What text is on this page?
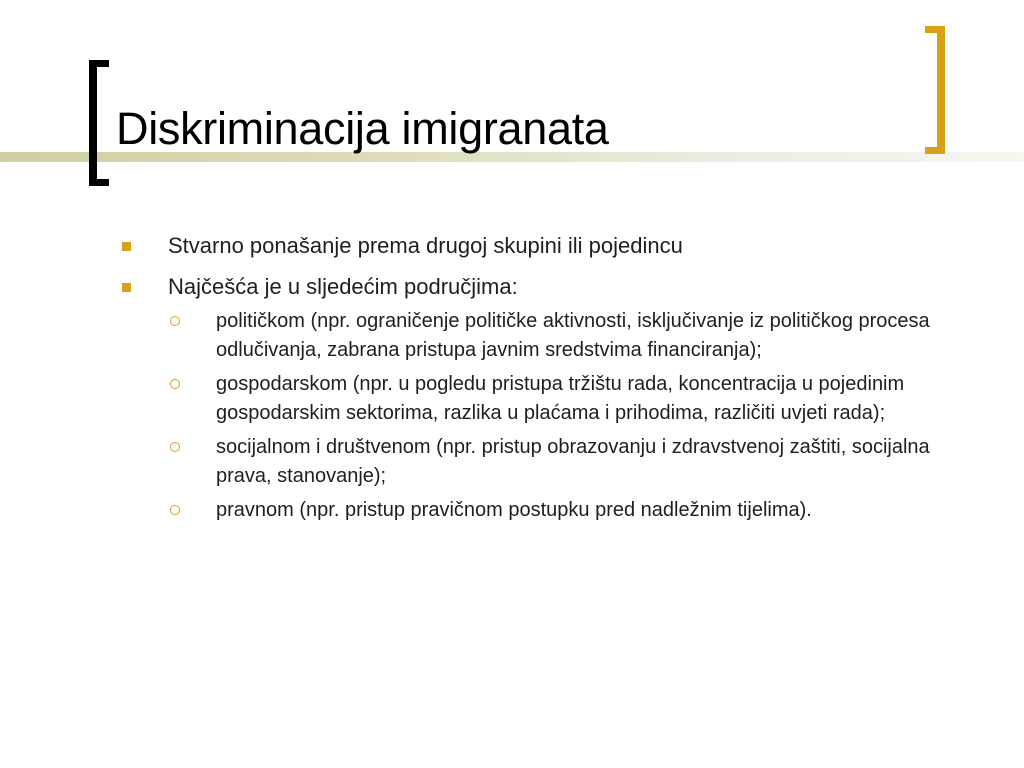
Diskriminacija imigranata
Stvarno ponašanje prema drugoj skupini ili pojedincu
Najčešća je u sljedećim područjima:
političkom (npr. ograničenje političke aktivnosti, isključivanje iz političkog procesa odlučivanja, zabrana pristupa javnim sredstvima financiranja);
gospodarskom (npr. u pogledu pristupa tržištu rada, koncentracija u pojedinim gospodarskim sektorima, razlika u plaćama i prihodima, različiti uvjeti rada);
socijalnom i društvenom (npr. pristup obrazovanju i zdravstvenoj zaštiti, socijalna prava, stanovanje);
pravnom (npr. pristup pravičnom postupku pred nadležnim tijelima).
